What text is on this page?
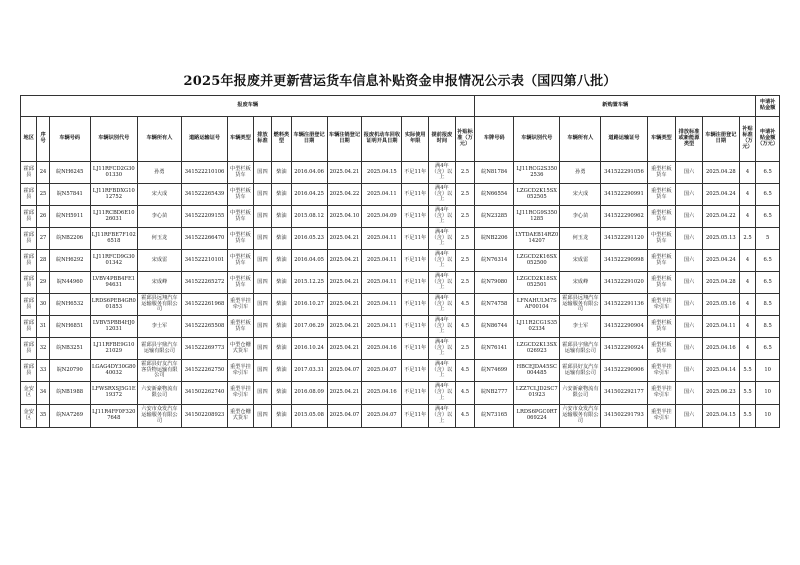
2025年报废并更新营运货车信息补贴资金申报情况公示表（国四第八批）
报废车辆															新购置车辆								申请补贴金额
地区	序号	车辆号码	车辆识别代号	车辆所有人	道路运输证号	车辆类型	排放标准	燃料类型	车辆注册登记日期	车辆注销登记日期	报废机动车回收证明开具日期	实际使用年限	提前报废时间	补贴标准（万元）	车牌号码	车辆识别代号	车辆所有人	道路运输证号	车辆类型	排放标准或新能源类型	车辆注册登记日期	补贴标准（万元）	申请补贴金额（万元）
霍邱县	24	皖NH6245	LJ11RFCD2G3001330	孙勇	341522210106	中型栏板货车	国四	柴油	2016.04.06	2025.04.21	2025.04.15	不足11年	满4年（含）以上	2.5	皖N81784	LJ11RCG2S3502536	孙勇	341522291056	重型栏板货车	国六	2025.04.28	4	6.5
霍邱县	25	皖N57841	LJ11RFBDXG1012752	宋大成	341522265439	中型栏板货车	国四	柴油	2016.04.25	2025.04.22	2025.04.11	不足11年	满4年（含）以上	2.5	皖N66554	LZGCD2K15SX052505	宋大成	341522290991	重型栏板货车	国六	2025.04.24	4	6.5
霍邱县	26	皖NH5911	LJ11RCBD6E1026031	李心苗	341522209155	中型栏板货车	国四	柴油	2015.08.12	2025.04.10	2025.04.09	不足11年	满4年（含）以上	2.5	皖N23285	LJ11RCG9S3501285	李心苗	341522290962	重型栏板货车	国六	2025.04.22	4	6.5
霍邱县	27	皖NB2206	LJ11RFBE7F1026518	何玉龙	341522266470	中型栏板货车	国四	柴油	2016.05.23	2025.04.21	2025.04.11	不足11年	满4年（含）以上	2.5	皖NB2206	LYTDAEB14RZ014207	何玉龙	341522291120	中型栏板货车	国六	2025.05.13	2.5	5
霍邱县	28	皖NH6292	LJ11RFCD9G3001342	宋成雷	341522210101	中型栏板货车	国四	柴油	2016.04.05	2025.04.21	2025.04.11	不足11年	满4年（含）以上	2.5	皖N76314	LZGCD2K16SX052500	宋成雷	341522290998	重型栏板货车	国六	2025.04.24	4	6.5
霍邱县	29	皖N44960	LVBV4PBB4FE194631	宋成峰	341522265272	中型栏板货车	国四	柴油	2015.12.25	2025.04.21	2025.04.11	不足11年	满4年（含）以上	2.5	皖N79080	LZGCD2K18SX052501	宋成峰	341522291020	重型栏板货车	国六	2025.04.28	4	6.5
霍邱县	30	皖NH6532	LRDS6PEB4GR001853	霍邱县远翔汽车运输服务有限公司	341522261968	重型半挂牵引车	国四	柴油	2016.10.27	2025.04.21	2025.04.11	不足11年	满4年（含）以上	4.5	皖N74758	LFNAHULM7SAF00104	霍邱县远翔汽车运输服务有限公司	341522291136	重型半挂牵引车	国六	2025.05.16	4	8.5
霍邱县	31	皖NH6851	LVBV5PBB4HJ012031	李士军	341522265508	重型栏板货车	国四	柴油	2017.06.29	2025.04.21	2025.04.11	不足11年	满4年（含）以上	4.5	皖N86744	LJ11R2CG1S3502334	李士军	341522290904	重型栏板货车	国六	2025.04.11	4	8.5
霍邱县	32	皖NB3251	LJ11RFBE9G1021029	霍邱县宇鼎汽车运输有限公司	341522269773	中型仓栅式货车	国四	柴油	2016.10.24	2025.04.21	2025.04.16	不足11年	满4年（含）以上	2.5	皖N76141	LZGCD2K13SX026923	霍邱县宇鼎汽车运输有限公司	341522290924	重型栏板货车	国六	2025.04.16	4	6.5
霍邱县	33	皖N20790	LGAG4DY30G8040032	霍邱县好友汽车客货物运输有限公司	341522262750	重型半挂牵引车	国四	柴油	2017.03.31	2025.04.07	2025.04.07	不足11年	满4年（含）以上	4.5	皖N74699	HBCEJDA45SC004485	霍邱县好友汽车运输有限公司	341522290906	重型半挂牵引车	国六	2025.04.14	5.5	10
金安区	34	皖NB1988	LFWSRXSJ5G1E19372	六安新豪物流有限公司	341502262740	重型半挂牵引车	国四	柴油	2016.08.09	2025.04.21	2025.04.16	不足11年	满4年（含）以上	4.5	皖NB2777	LZZ7CLJD2SC701923	六安新豪物流有限公司	341502292177	重型半挂牵引车	国六	2025.06.23	5.5	10
金安区	35	皖NA7269	LJ11R4FF0F3207648	六安市众发汽车运输服务有限公司	341502208923	重型仓栅式货车	国四	柴油	2015.05.08	2025.04.07	2025.04.07	不足11年	满4年（含）以上	4.5	皖N73165	LRDS6PGC0RT069224	六安市众发汽车运输服务有限公司	341502291793	重型半挂牵引车	国六	2025.04.15	5.5	10
